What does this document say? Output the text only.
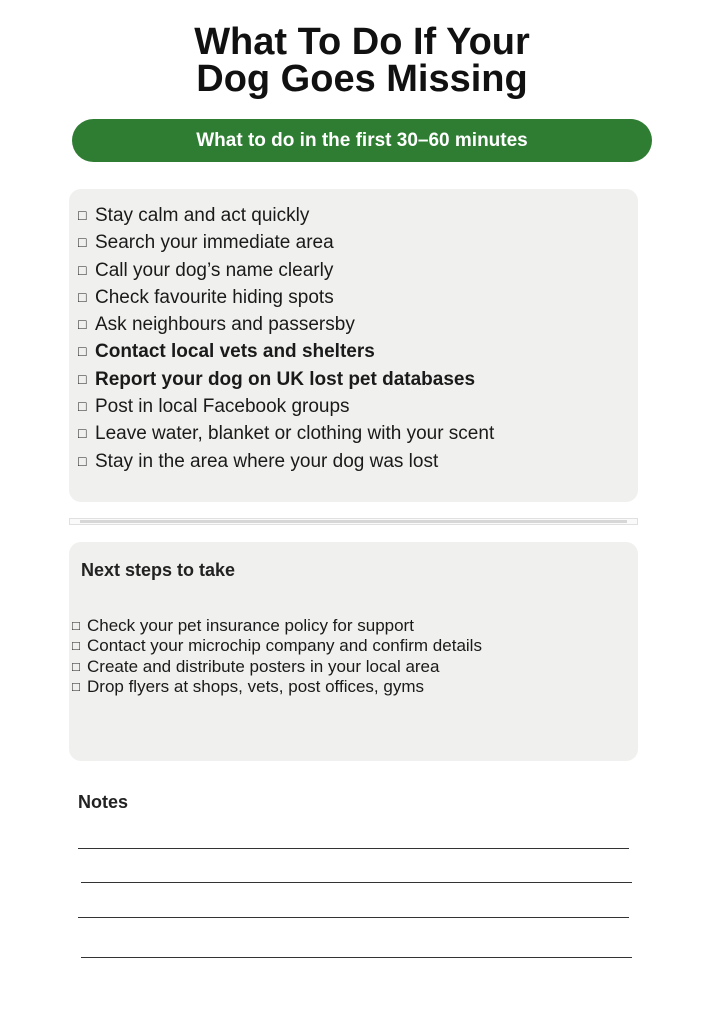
What To Do If Your
Dog Goes Missing
What to do in the first 30–60 minutes
□ Stay calm and act quickly
□ Search your immediate area
□ Call your dog’s name clearly
□ Check favourite hiding spots
□ Ask neighbours and passersby
□ Contact local vets and shelters
□ Report your dog on UK lost pet databases
□ Post in local Facebook groups
□ Leave water, blanket or clothing with your scent
□ Stay in the area where your dog was lost
Next steps to take
□ Check your pet insurance policy for support
□ Contact your microchip company and confirm details
□ Create and distribute posters in your local area
□ Drop flyers at shops, vets, post offices, gyms
Notes
